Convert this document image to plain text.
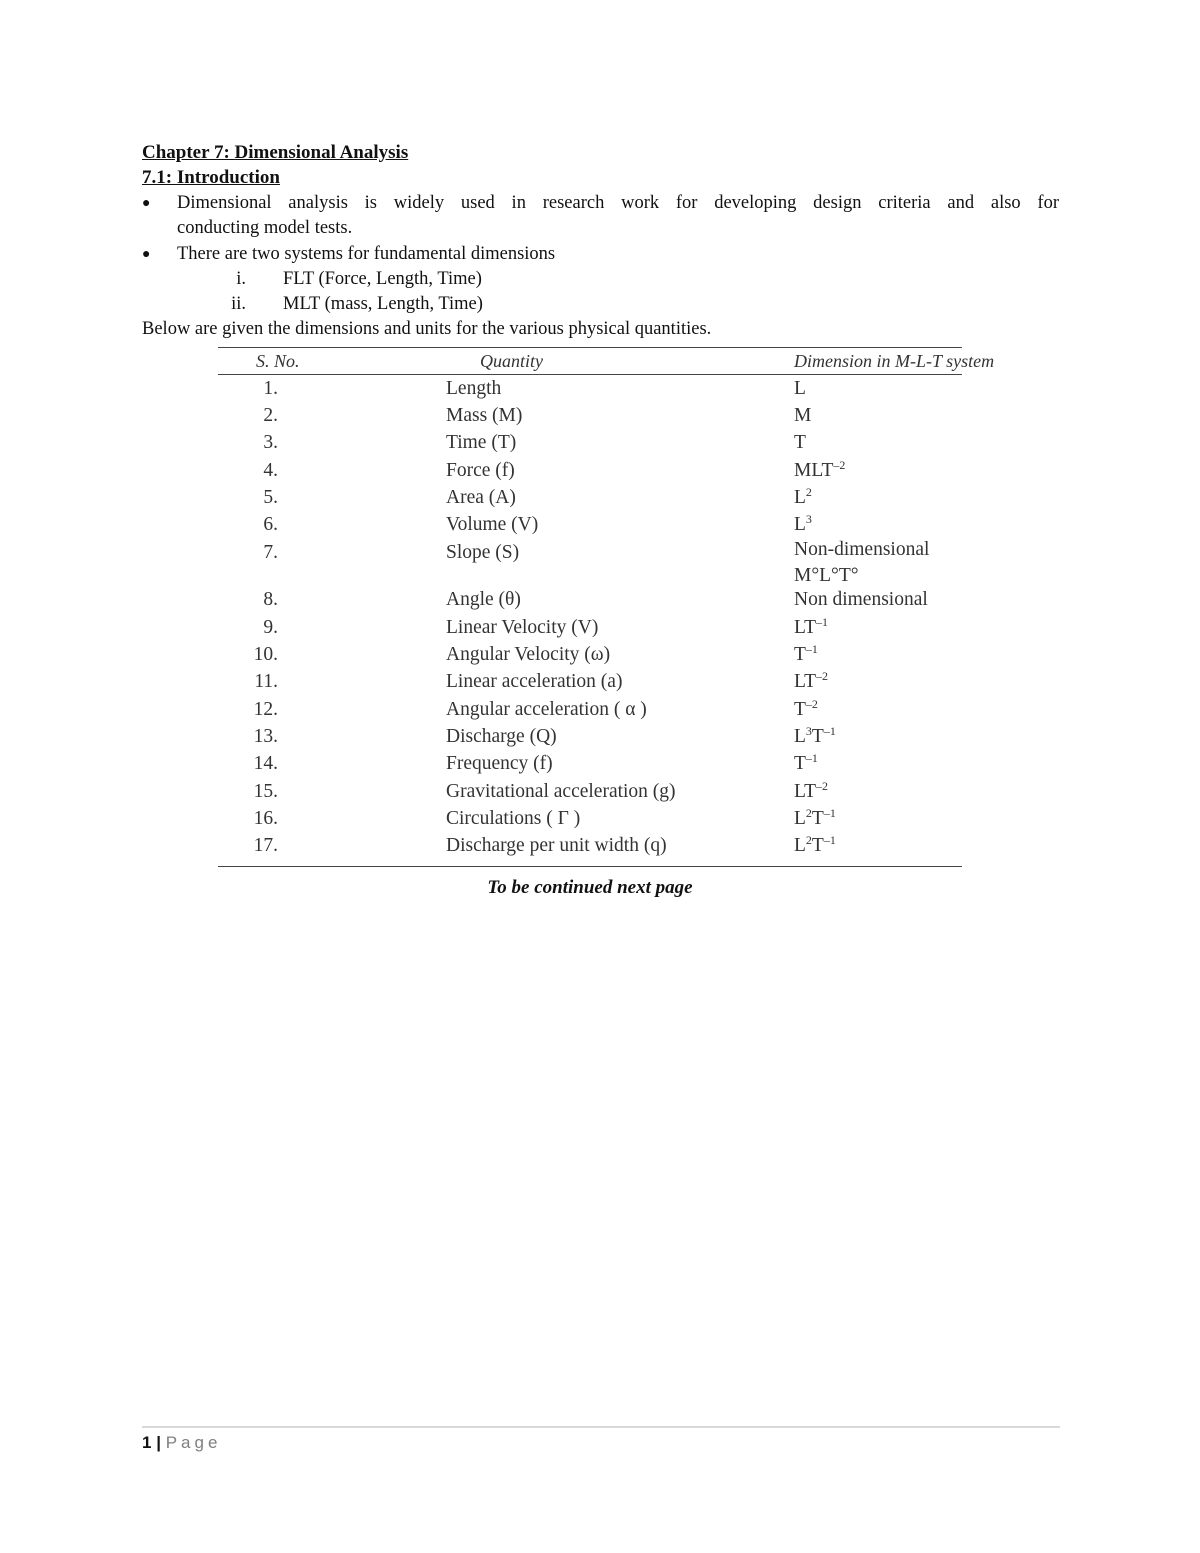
Chapter 7: Dimensional Analysis
7.1: Introduction
● Dimensional analysis is widely used in research work for developing design criteria and also for
conducting model tests.
● There are two systems for fundamental dimensions
i. FLT (Force, Length, Time)
ii. MLT (mass, Length, Time)
Below are given the dimensions and units for the various physical quantities.
S. No.	Quantity	Dimension in M-L-T system
1.	Length	L
2.	Mass (M)	M
3.	Time (T)	T
4.	Force (f)	$MLT^{-2}$
5.	Area (A)	$L^2$
6.	Volume (V)	$L^3$
7.	Slope (S)	Non-dimensional
M°L°T°

8.	Angle (θ)	Non dimensional
9.	Linear Velocity (V)	$LT^{-1}$
10.	Angular Velocity (ω)	$T^{-1}$
11.	Linear acceleration (a)	$LT^{-2}$
12.	Angular acceleration ( α )	$T^{-2}$
13.	Discharge (Q)	$L^3T^{-1}$
14.	Frequency (f)	$T^{-1}$
15.	Gravitational acceleration (g)	$LT^{-2}$
16.	Circulations ( Γ )	$L^2T^{-1}$
17.	Discharge per unit width (q)	$L^2T^{-1}$
To be continued next page
1 | Page
